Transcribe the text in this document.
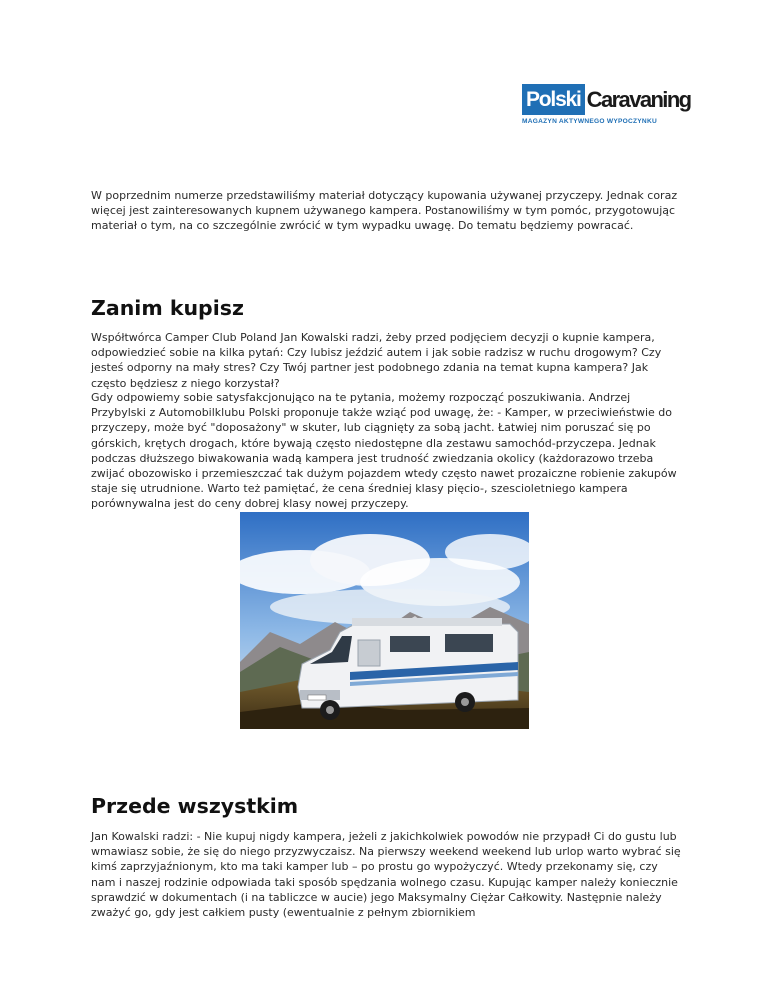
Polski Caravaning
MAGAZYN AKTYWNEGO WYPOCZYNKU

W poprzednim numerze przedstawiliśmy materiał dotyczący kupowania używanej przyczepy. Jednak coraz więcej jest zainteresowanych kupnem używanego kampera. Postanowiliśmy w tym pomóc, przygotowując materiał o tym, na co szczególnie zwrócić w tym wypadku uwagę. Do tematu będziemy powracać.

Zanim kupisz

Współtwórca Camper Club Poland Jan Kowalski radzi, żeby przed podjęciem decyzji o kupnie kampera, odpowiedzieć sobie na kilka pytań: Czy lubisz jeździć autem i jak sobie radzisz w ruchu drogowym? Czy jesteś odporny na mały stres? Czy Twój partner jest podobnego zdania na temat kupna kampera? Jak często będziesz z niego korzystał?

Gdy odpowiemy sobie satysfakcjonująco na te pytania, możemy rozpocząć poszukiwania. Andrzej Przybylski z Automobilklubu Polski proponuje także wziąć pod uwagę, że: - Kamper, w przeciwieństwie do przyczepy, może być "doposażony" w skuter, lub ciągnięty za sobą jacht. Łatwiej nim poruszać się po górskich, krętych drogach, które bywają często niedostępne dla zestawu samochód-przyczepa. Jednak podczas dłuższego biwakowania wadą kampera jest trudność zwiedzania okolicy (każdorazowo trzeba zwijać obozowisko i przemieszczać tak dużym pojazdem wtedy często nawet prozaiczne robienie zakupów staje się utrudnione. Warto też pamiętać, że cena średniej klasy pięcio-, szescioletniego kampera porównywalna jest do ceny dobrej klasy nowej przyczepy.

Przede wszystkim

Jan Kowalski radzi: - Nie kupuj nigdy kampera, jeżeli z jakichkolwiek powodów nie przypadł Ci do gustu lub wmawiasz sobie, że się do niego przyzwyczaisz. Na pierwszy weekend weekend lub urlop warto wybrać się kimś zaprzyjaźnionym, kto ma taki kamper lub – po prostu go wypożyczyć. Wtedy przekonamy się, czy nam i naszej rodzinie odpowiada taki sposób spędzania wolnego czasu. Kupując kamper należy koniecznie sprawdzić w dokumentach (i na tabliczce w aucie) jego Maksymalny Ciężar Całkowity. Następnie należy zważyć go, gdy jest całkiem pusty (ewentualnie z pełnym zbiornikiem
